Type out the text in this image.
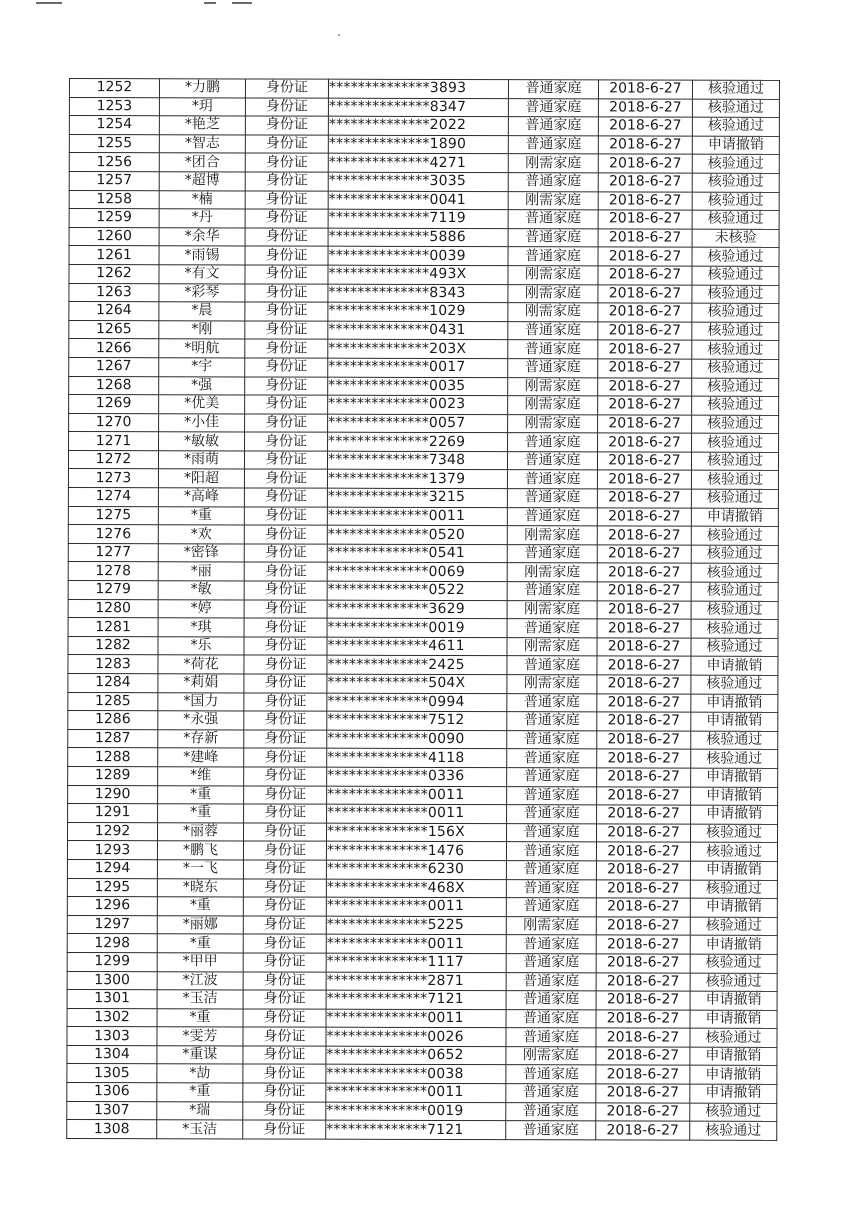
1252	*力鹏	身份证	**************3893	普通家庭	2018-6-27	核验通过
1253	*玥	身份证	**************8347	普通家庭	2018-6-27	核验通过
1254	*艳芝	身份证	**************2022	普通家庭	2018-6-27	核验通过
1255	*智志	身份证	**************1890	普通家庭	2018-6-27	申请撤销
1256	*团合	身份证	**************4271	刚需家庭	2018-6-27	核验通过
1257	*超博	身份证	**************3035	普通家庭	2018-6-27	核验通过
1258	*楠	身份证	**************0041	刚需家庭	2018-6-27	核验通过
1259	*丹	身份证	**************7119	普通家庭	2018-6-27	核验通过
1260	*余华	身份证	**************5886	普通家庭	2018-6-27	未核验
1261	*雨锡	身份证	**************0039	普通家庭	2018-6-27	核验通过
1262	*有文	身份证	**************493X	刚需家庭	2018-6-27	核验通过
1263	*彩琴	身份证	**************8343	刚需家庭	2018-6-27	核验通过
1264	*晨	身份证	**************1029	刚需家庭	2018-6-27	核验通过
1265	*刚	身份证	**************0431	普通家庭	2018-6-27	核验通过
1266	*明航	身份证	**************203X	普通家庭	2018-6-27	核验通过
1267	*宇	身份证	**************0017	普通家庭	2018-6-27	核验通过
1268	*强	身份证	**************0035	刚需家庭	2018-6-27	核验通过
1269	*优美	身份证	**************0023	刚需家庭	2018-6-27	核验通过
1270	*小佳	身份证	**************0057	刚需家庭	2018-6-27	核验通过
1271	*敏敏	身份证	**************2269	普通家庭	2018-6-27	核验通过
1272	*雨萌	身份证	**************7348	普通家庭	2018-6-27	核验通过
1273	*阳超	身份证	**************1379	普通家庭	2018-6-27	核验通过
1274	*高峰	身份证	**************3215	普通家庭	2018-6-27	核验通过
1275	*重	身份证	**************0011	普通家庭	2018-6-27	申请撤销
1276	*欢	身份证	**************0520	刚需家庭	2018-6-27	核验通过
1277	*密锋	身份证	**************0541	普通家庭	2018-6-27	核验通过
1278	*丽	身份证	**************0069	刚需家庭	2018-6-27	核验通过
1279	*敏	身份证	**************0522	普通家庭	2018-6-27	核验通过
1280	*婷	身份证	**************3629	刚需家庭	2018-6-27	核验通过
1281	*琪	身份证	**************0019	普通家庭	2018-6-27	核验通过
1282	*乐	身份证	**************4611	刚需家庭	2018-6-27	核验通过
1283	*荷花	身份证	**************2425	普通家庭	2018-6-27	申请撤销
1284	*莉娟	身份证	**************504X	刚需家庭	2018-6-27	核验通过
1285	*国力	身份证	**************0994	普通家庭	2018-6-27	申请撤销
1286	*永强	身份证	**************7512	普通家庭	2018-6-27	申请撤销
1287	*存新	身份证	**************0090	普通家庭	2018-6-27	核验通过
1288	*建峰	身份证	**************4118	普通家庭	2018-6-27	核验通过
1289	*维	身份证	**************0336	普通家庭	2018-6-27	申请撤销
1290	*重	身份证	**************0011	普通家庭	2018-6-27	申请撤销
1291	*重	身份证	**************0011	普通家庭	2018-6-27	申请撤销
1292	*丽蓉	身份证	**************156X	普通家庭	2018-6-27	核验通过
1293	*鹏飞	身份证	**************1476	普通家庭	2018-6-27	核验通过
1294	*一飞	身份证	**************6230	普通家庭	2018-6-27	申请撤销
1295	*晓东	身份证	**************468X	普通家庭	2018-6-27	核验通过
1296	*重	身份证	**************0011	普通家庭	2018-6-27	申请撤销
1297	*丽娜	身份证	**************5225	刚需家庭	2018-6-27	核验通过
1298	*重	身份证	**************0011	普通家庭	2018-6-27	申请撤销
1299	*甲甲	身份证	**************1117	普通家庭	2018-6-27	核验通过
1300	*江波	身份证	**************2871	普通家庭	2018-6-27	核验通过
1301	*玉洁	身份证	**************7121	普通家庭	2018-6-27	申请撤销
1302	*重	身份证	**************0011	普通家庭	2018-6-27	申请撤销
1303	*雯芳	身份证	**************0026	普通家庭	2018-6-27	核验通过
1304	*重谋	身份证	**************0652	刚需家庭	2018-6-27	申请撤销
1305	*劼	身份证	**************0038	普通家庭	2018-6-27	申请撤销
1306	*重	身份证	**************0011	普通家庭	2018-6-27	申请撤销
1307	*瑞	身份证	**************0019	普通家庭	2018-6-27	核验通过
1308	*玉洁	身份证	**************7121	普通家庭	2018-6-27	核验通过
